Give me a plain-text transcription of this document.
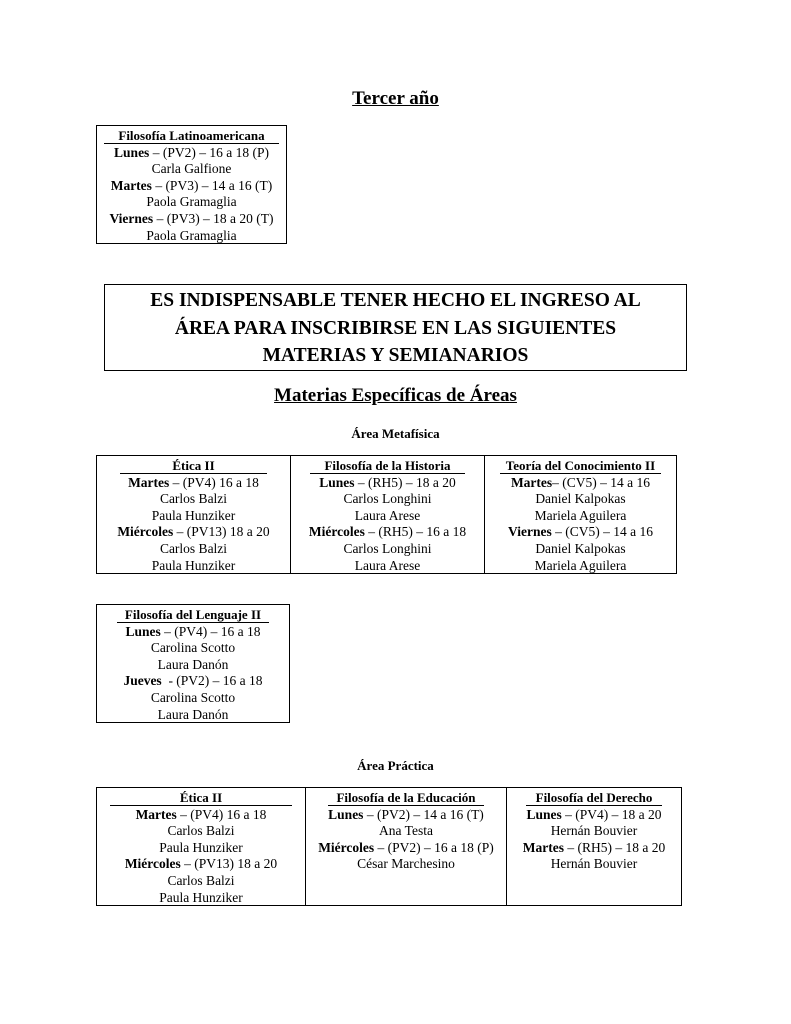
Tercer año
Filosofía Latinoamericana
Lunes – (PV2) – 16 a 18 (P)
Carla Galfione
Martes – (PV3) – 14 a 16 (T)
Paola Gramaglia
Viernes – (PV3) – 18 a 20 (T)
Paola Gramaglia
ES INDISPENSABLE TENER HECHO EL INGRESO AL
ÁREA PARA INSCRIBIRSE EN LAS SIGUIENTES
MATERIAS Y SEMIANARIOS
Materias Específicas de Áreas
Área Metafísica
Ética II
Martes – (PV4) 16 a 18
Carlos Balzi
Paula Hunziker
Miércoles – (PV13) 18 a 20
Carlos Balzi
Paula Hunziker
Filosofía de la Historia
Lunes – (RH5) – 18 a 20
Carlos Longhini
Laura Arese
Miércoles – (RH5) – 16 a 18
Carlos Longhini
Laura Arese
Teoría del Conocimiento II
Martes– (CV5) – 14 a 16
Daniel Kalpokas
Mariela Aguilera
Viernes – (CV5) – 14 a 16
Daniel Kalpokas
Mariela Aguilera
Filosofía del Lenguaje II
Lunes – (PV4) – 16 a 18
Carolina Scotto
Laura Danón
Jueves  - (PV2) – 16 a 18
Carolina Scotto
Laura Danón
Área Práctica
Ética II
Martes – (PV4) 16 a 18
Carlos Balzi
Paula Hunziker
Miércoles – (PV13) 18 a 20
Carlos Balzi
Paula Hunziker
Filosofía de la Educación
Lunes – (PV2) – 14 a 16 (T)
Ana Testa
Miércoles – (PV2) – 16 a 18 (P)
César Marchesino
Filosofía del Derecho
Lunes – (PV4) – 18 a 20
Hernán Bouvier
Martes – (RH5) – 18 a 20
Hernán Bouvier
